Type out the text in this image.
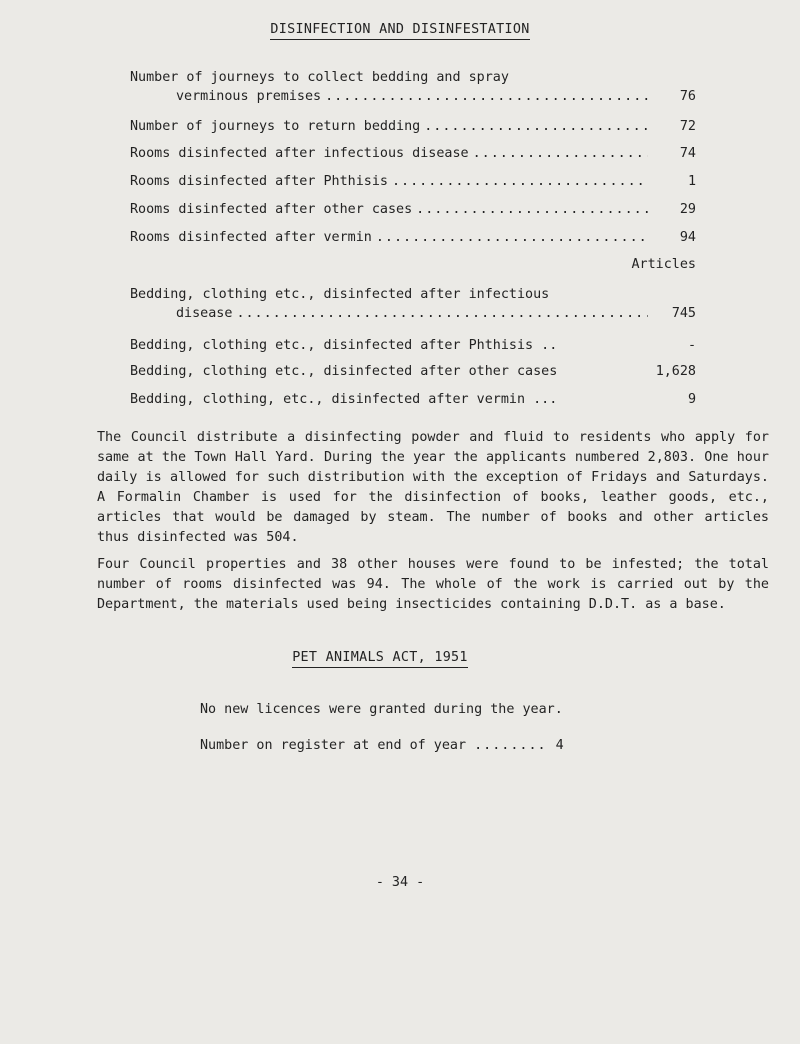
DISINFECTION AND DISINFESTATION
Number of journeys to collect bedding and spray
verminous premises .....	76
Number of journeys to return bedding .....	72
Rooms disinfected after infectious disease .....	74
Rooms disinfected after Phthisis .....	1
Rooms disinfected after other cases .....	29
Rooms disinfected after vermin .....	94
Articles
Bedding, clothing etc., disinfected after infectious
disease .....	745
Bedding, clothing etc., disinfected after Phthisis ..	-
Bedding, clothing etc., disinfected after other cases	1,628
Bedding, clothing, etc., disinfected after vermin ...	9

The Council distribute a disinfecting powder and fluid to residents who apply for same at the Town Hall Yard. During the year the applicants numbered 2,803. One hour daily is allowed for such distribution with the exception of Fridays and Saturdays. A Formalin Chamber is used for the disinfection of books, leather goods, etc., articles that would be damaged by steam. The number of books and other articles thus disinfected was 504.

Four Council properties and 38 other houses were found to be infested; the total number of rooms disinfected was 94. The whole of the work is carried out by the Department, the materials used being insecticides containing D.D.T. as a base.

PET ANIMALS ACT, 1951
No new licences were granted during the year.
Number on register at end of year ........ 4
- 34 -
